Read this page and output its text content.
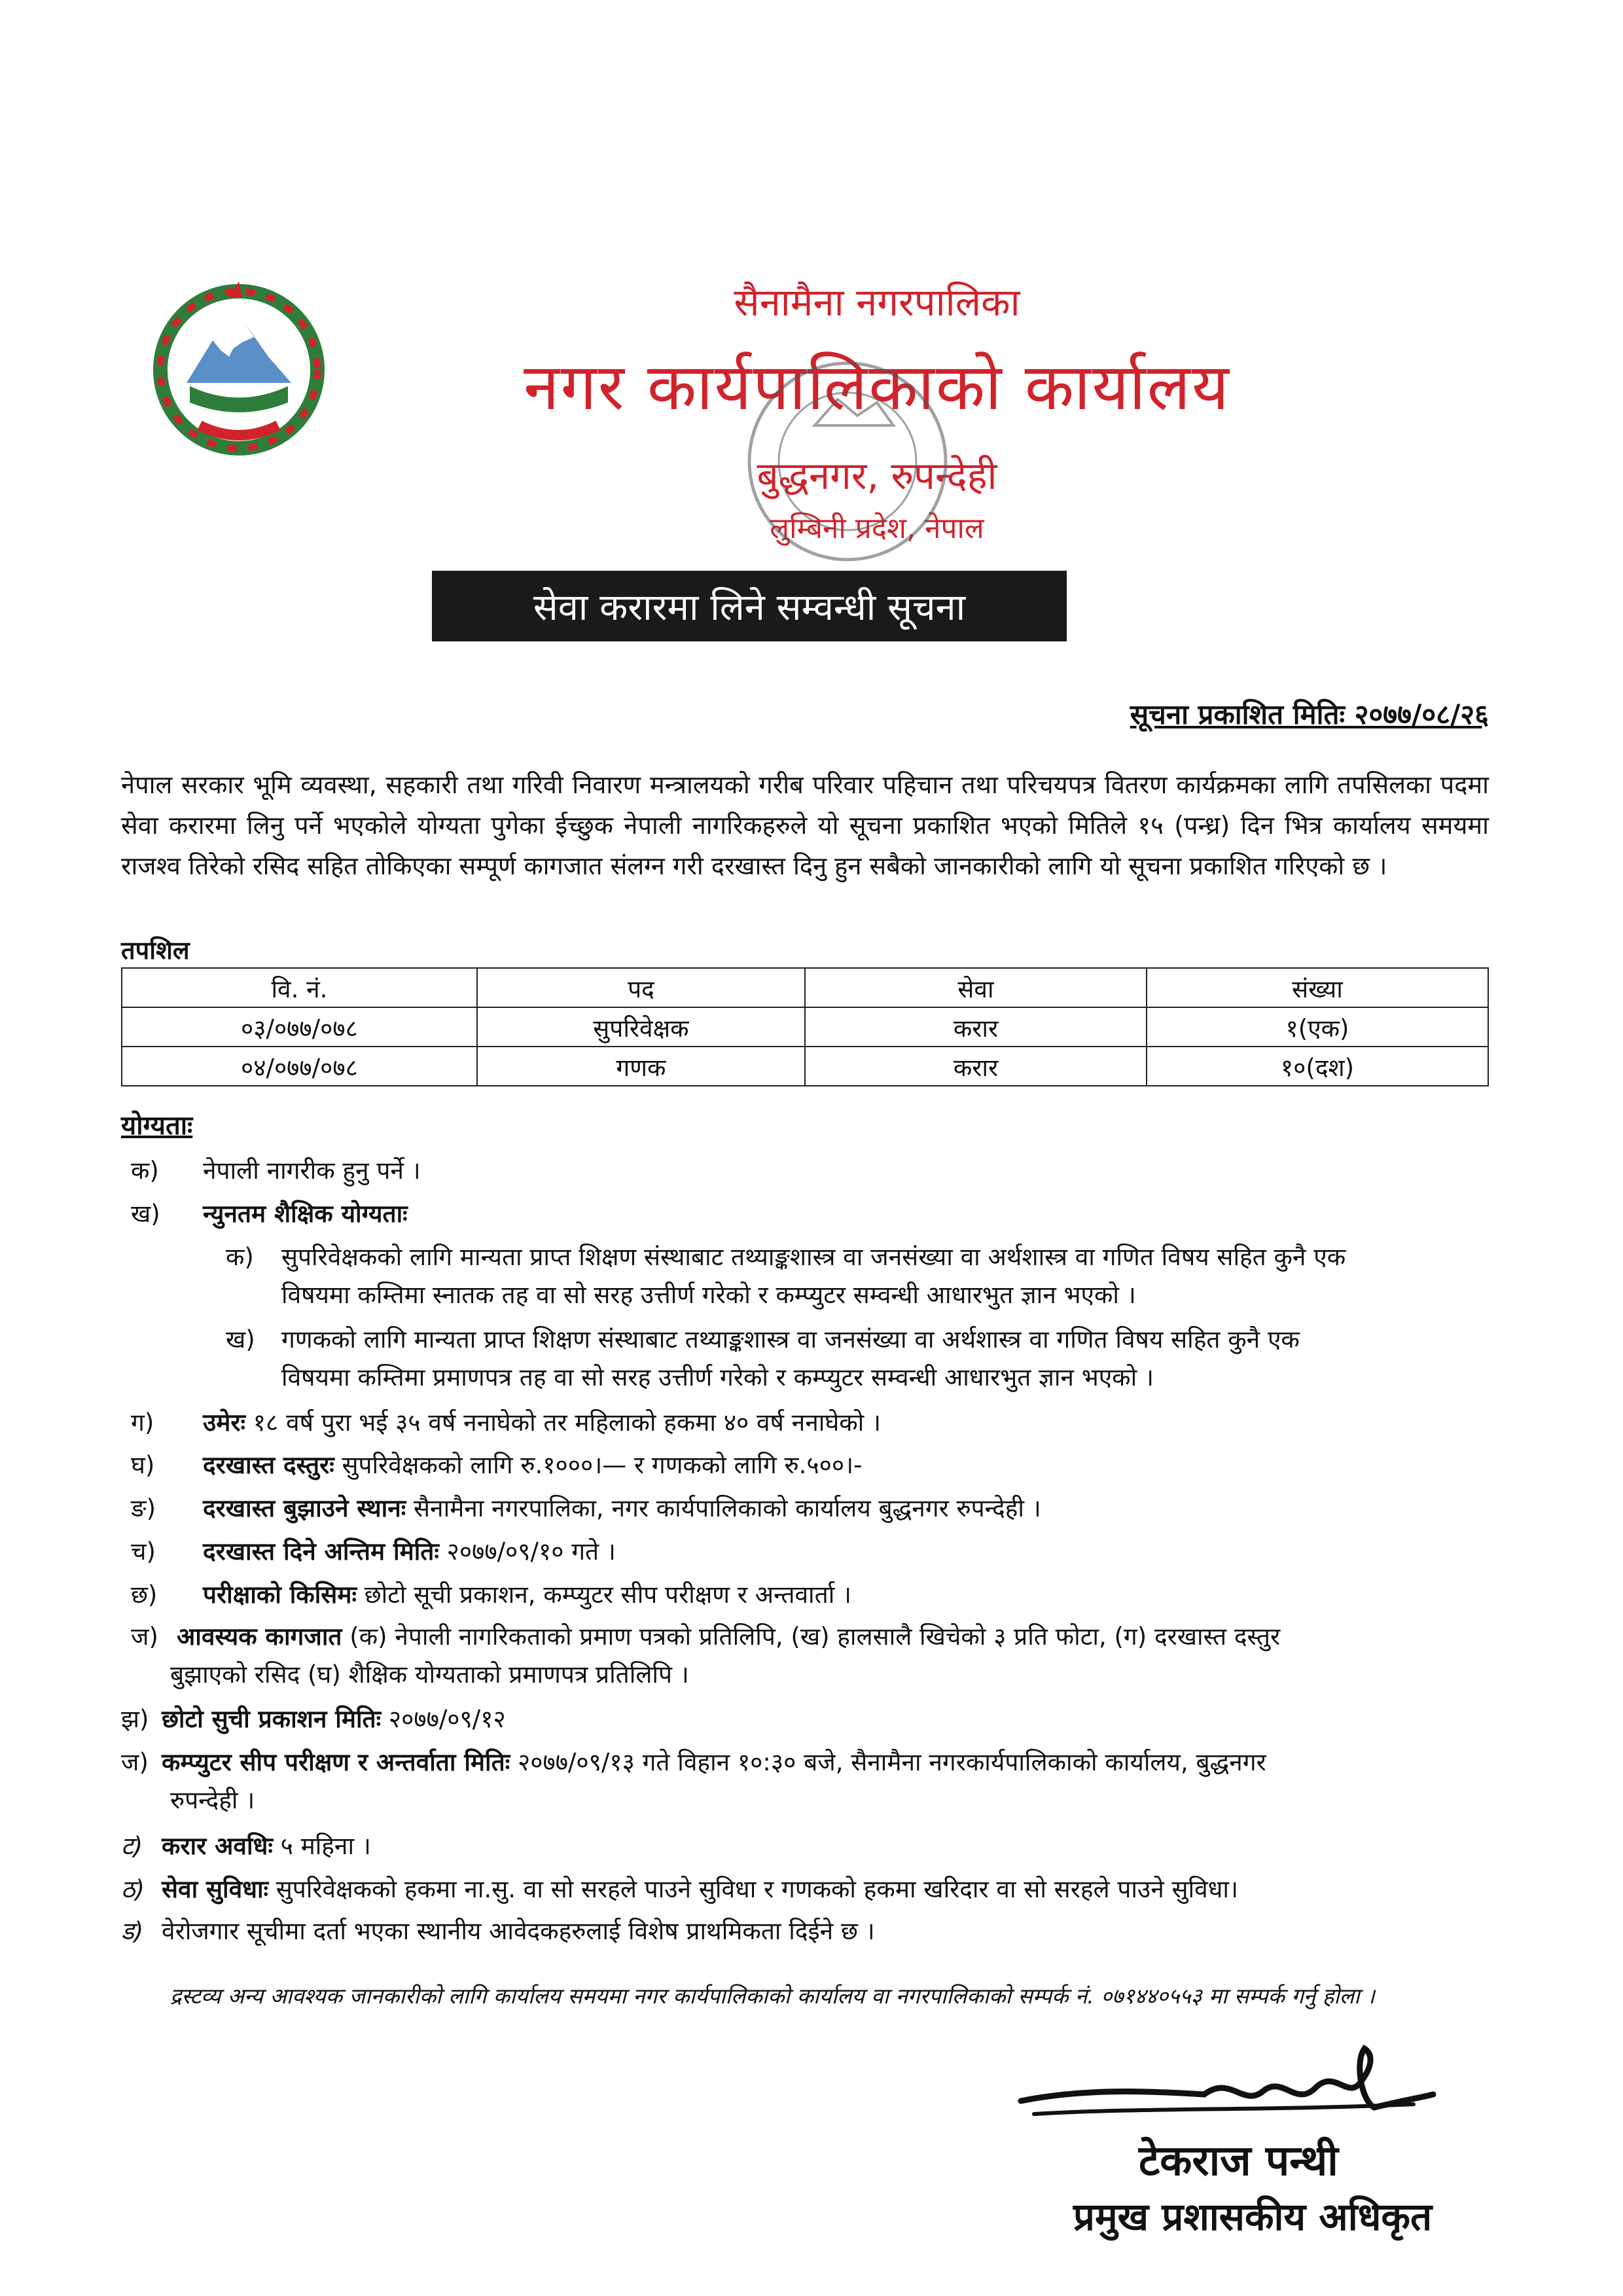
सैनामैना नगरपालिका
नगर कार्यपालिकाको कार्यालय
बुद्धनगर, रुपन्देही
लुम्बिनी प्रदेश, नेपाल
सेवा करारमा लिने सम्वन्धी सूचना
सूचना प्रकाशित मितिः २०७७/०८/२६
नेपाल सरकार भूमि व्यवस्था, सहकारी तथा गरिवी निवारण मन्त्रालयको गरीब परिवार पहिचान तथा परिचयपत्र वितरण कार्यक्रमका लागि तपसिलका पदमा सेवा करारमा लिनु पर्ने भएकोले योग्यता पुगेका ईच्छुक नेपाली नागरिकहरुले यो सूचना प्रकाशित भएको मितिले १५ (पन्ध्र) दिन भित्र कार्यालय समयमा राजश्व तिरेको रसिद सहित तोकिएका सम्पूर्ण कागजात संलग्न गरी दरखास्त दिनु हुन सबैको जानकारीको लागि यो सूचना प्रकाशित गरिएको छ ।
तपशिल
वि. नं.	पद	सेवा	संख्या
०३/०७७/०७८	सुपरिवेक्षक	करार	१(एक)
०४/०७७/०७८	गणक	करार	१०(दश)
योग्यताः
क) नेपाली नागरीक हुनु पर्ने ।
ख) न्युनतम शैक्षिक योग्यताः
क) सुपरिवेक्षकको लागि मान्यता प्राप्त शिक्षण संस्थाबाट तथ्याङ्कशास्त्र वा जनसंख्या वा अर्थशास्त्र वा गणित विषय सहित कुनै एक
विषयमा कम्तिमा स्नातक तह वा सो सरह उत्तीर्ण गरेको र कम्प्युटर सम्वन्धी आधारभुत ज्ञान भएको ।
ख) गणकको लागि मान्यता प्राप्त शिक्षण संस्थाबाट तथ्याङ्कशास्त्र वा जनसंख्या वा अर्थशास्त्र वा गणित विषय सहित कुनै एक
विषयमा कम्तिमा प्रमाणपत्र तह वा सो सरह उत्तीर्ण गरेको र कम्प्युटर सम्वन्धी आधारभुत ज्ञान भएको ।
ग) उमेरः १८ वर्ष पुरा भई ३५ वर्ष ननाघेको तर महिलाको हकमा ४० वर्ष ननाघेको ।
घ) दरखास्त दस्तुरः सुपरिवेक्षकको लागि रु.१०००।— र गणकको लागि रु.५००।-
ङ) दरखास्त बुझाउने स्थानः सैनामैना नगरपालिका, नगर कार्यपालिकाको कार्यालय बुद्धनगर रुपन्देही ।
च) दरखास्त दिने अन्तिम मितिः २०७७/०९/१० गते ।
छ) परीक्षाको किसिमः छोटो सूची प्रकाशन, कम्प्युटर सीप परीक्षण र अन्तवार्ता ।
ज) आवस्यक कागजात (क) नेपाली नागरिकताको प्रमाण पत्रको प्रतिलिपि, (ख) हालसालै खिचेको ३ प्रति फोटा, (ग) दरखास्त दस्तुर
बुझाएको रसिद (घ) शैक्षिक योग्यताको प्रमाणपत्र प्रतिलिपि ।
झ) छोटो सुची प्रकाशन मितिः २०७७/०९/१२
ज) कम्प्युटर सीप परीक्षण र अन्तर्वाता मितिः २०७७/०९/१३ गते विहान १०:३० बजे, सैनामैना नगरकार्यपालिकाको कार्यालय, बुद्धनगर
रुपन्देही ।
ट) करार अवधिः ५ महिना ।
ठ) सेवा सुविधाः सुपरिवेक्षकको हकमा ना.सु. वा सो सरहले पाउने सुविधा र गणकको हकमा खरिदार वा सो सरहले पाउने सुविधा।
ड) वेरोजगार सूचीमा दर्ता भएका स्थानीय आवेदकहरुलाई विशेष प्राथमिकता दिईने छ ।
द्रस्टव्य अन्य आवश्यक जानकारीको लागि कार्यालय समयमा नगर कार्यपालिकाको कार्यालय वा नगरपालिकाको सम्पर्क नं. ०७१४४०५५३ मा सम्पर्क गर्नु होला ।
टेकराज पन्थी
प्रमुख प्रशासकीय अधिकृत
